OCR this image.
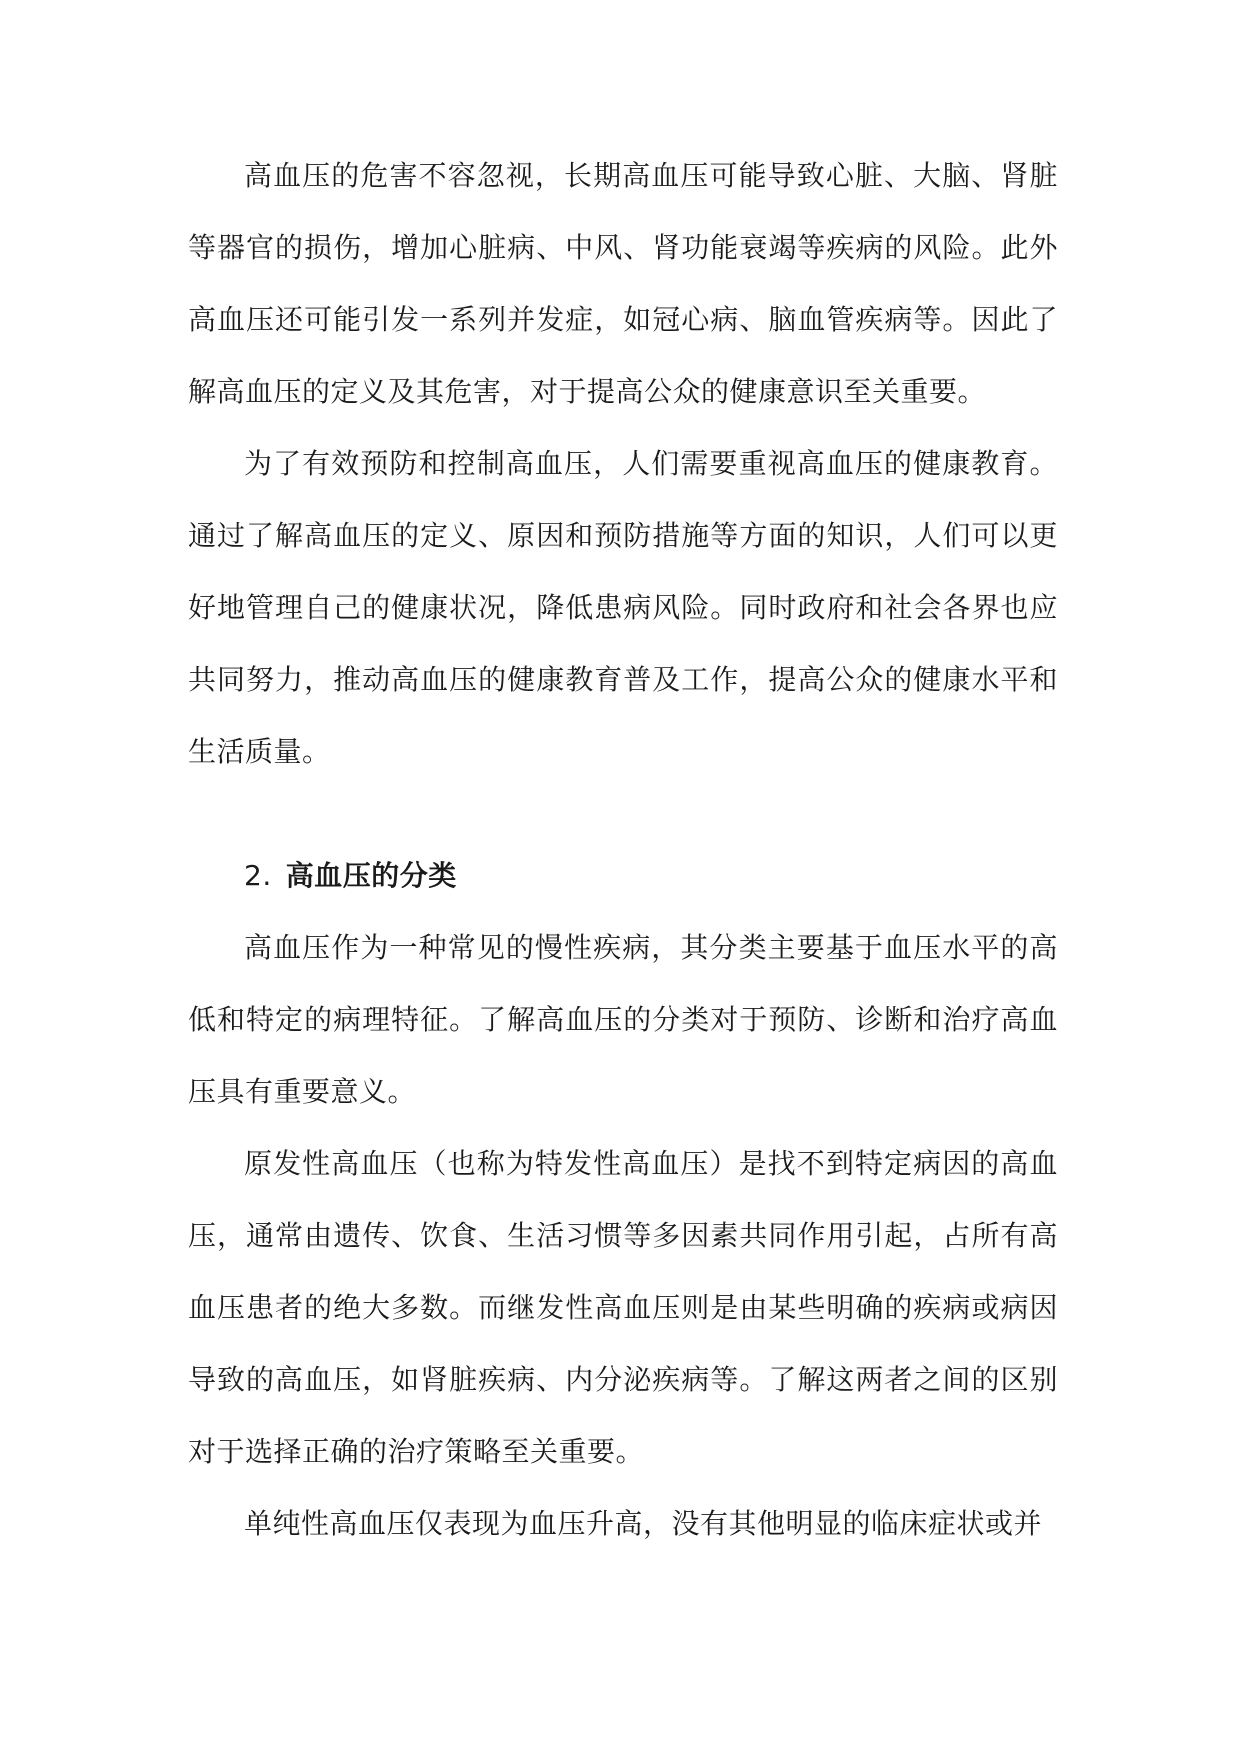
高血压的危害不容忽视，长期高血压可能导致心脏、大脑、肾脏等器官的损伤，增加心脏病、中风、肾功能衰竭等疾病的风险。此外高血压还可能引发一系列并发症，如冠心病、脑血管疾病等。因此了解高血压的定义及其危害，对于提高公众的健康意识至关重要。

为了有效预防和控制高血压，人们需要重视高血压的健康教育。通过了解高血压的定义、原因和预防措施等方面的知识，人们可以更好地管理自己的健康状况，降低患病风险。同时政府和社会各界也应共同努力，推动高血压的健康教育普及工作，提高公众的健康水平和生活质量。

2. 高血压的分类

高血压作为一种常见的慢性疾病，其分类主要基于血压水平的高低和特定的病理特征。了解高血压的分类对于预防、诊断和治疗高血压具有重要意义。

原发性高血压（也称为特发性高血压）是找不到特定病因的高血压，通常由遗传、饮食、生活习惯等多因素共同作用引起，占所有高血压患者的绝大多数。而继发性高血压则是由某些明确的疾病或病因导致的高血压，如肾脏疾病、内分泌疾病等。了解这两者之间的区别对于选择正确的治疗策略至关重要。

单纯性高血压仅表现为血压升高，没有其他明显的临床症状或并
